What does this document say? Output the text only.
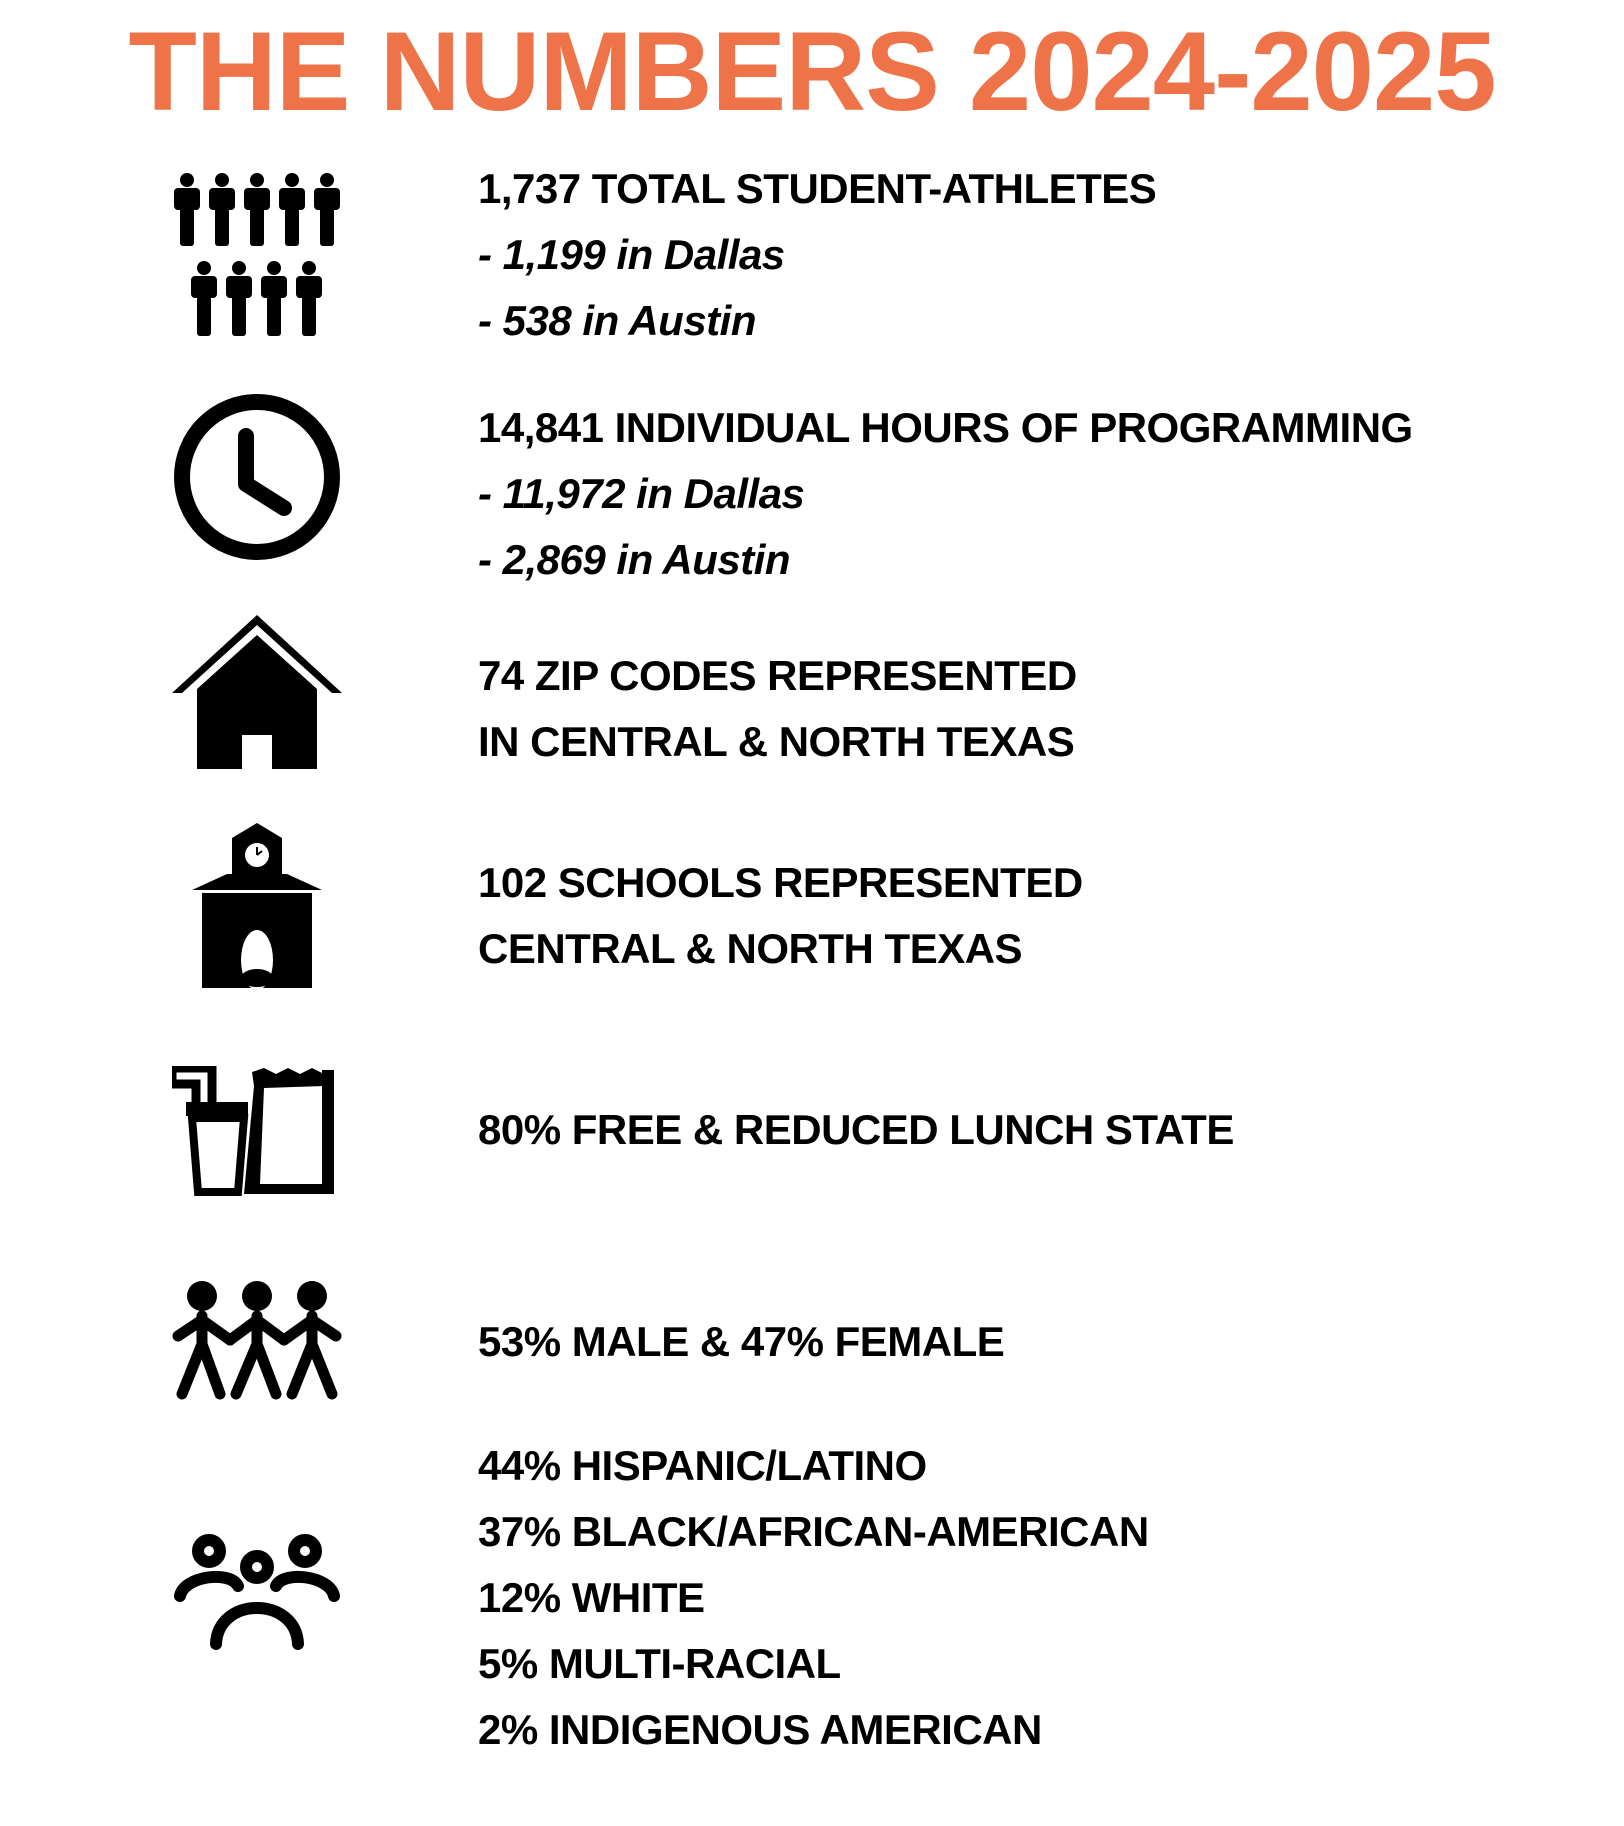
THE NUMBERS 2024-2025
1,737 TOTAL STUDENT-ATHLETES
- 1,199 in Dallas
- 538 in Austin
14,841 INDIVIDUAL HOURS OF PROGRAMMING
- 11,972 in Dallas
- 2,869 in Austin
74 ZIP CODES REPRESENTED
IN CENTRAL & NORTH TEXAS
102 SCHOOLS REPRESENTED
CENTRAL & NORTH TEXAS
80% FREE & REDUCED LUNCH STATE
53% MALE & 47% FEMALE
44% HISPANIC/LATINO
37% BLACK/AFRICAN-AMERICAN
12% WHITE
5% MULTI-RACIAL
2% INDIGENOUS AMERICAN
